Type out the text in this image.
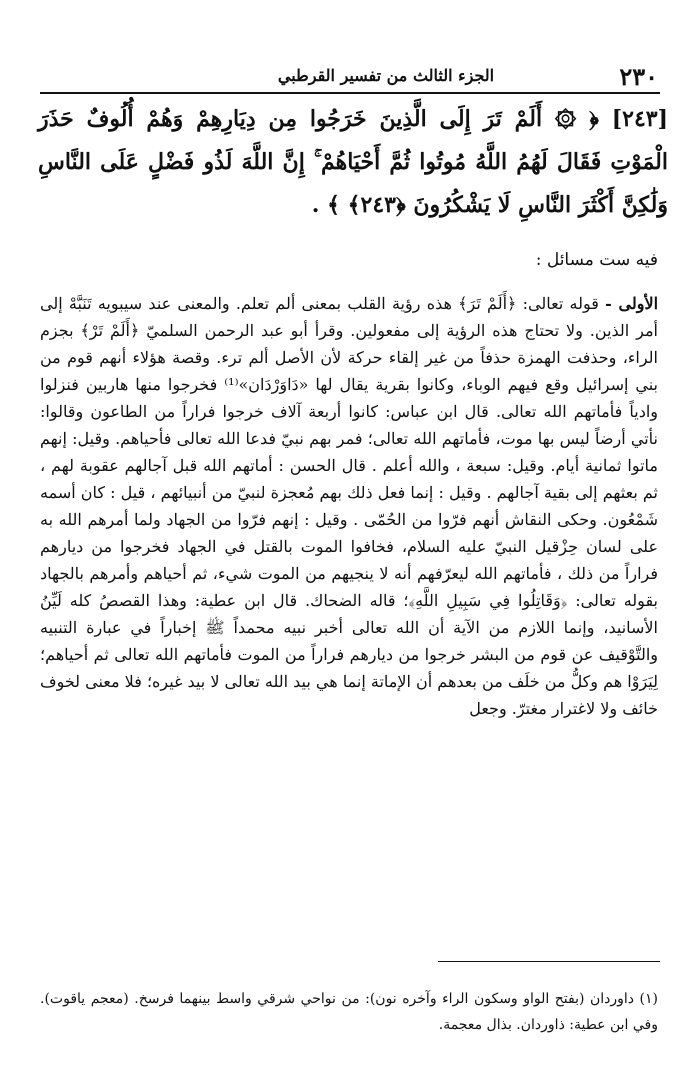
٢٣٠
الجزء الثالث من تفسير القرطبي
[٢٤٣] ﴿ ۞ أَلَمْ تَرَ إِلَى الَّذِينَ خَرَجُوا مِن دِيَارِهِمْ وَهُمْ أُلُوفٌ حَذَرَ الْمَوْتِ فَقَالَ لَهُمُ اللَّهُ مُوتُوا ثُمَّ أَحْيَاهُمْ ۚ إِنَّ اللَّهَ لَذُو فَضْلٍ عَلَى النَّاسِ وَلَٰكِنَّ أَكْثَرَ النَّاسِ لَا يَشْكُرُونَ ﴿٢٤٣﴾ ﴾ .
فيه ست مسائل :

الأولى - قوله تعالى: ﴿أَلَمْ تَرَ﴾ هذه رؤية القلب بمعنى ألم تعلم. والمعنى عند سيبويه تَنَبَّهْ إلى أمر الذين. ولا تحتاج هذه الرؤية إلى مفعولين. وقرأ أبو عبد الرحمن السلميّ ﴿أَلَمْ تَرْ﴾ بجزم الراء، وحذفت الهمزة حذفاً من غير إلقاء حركة لأن الأصل ألم ترء. وقصة هؤلاء أنهم قوم من بني إسرائيل وقع فيهم الوباء، وكانوا بقرية يقال لها «دَاوَرْدَان»⁽¹⁾ فخرجوا منها هاربين فنزلوا وادياً فأماتهم الله تعالى. قال ابن عباس: كانوا أربعة آلاف خرجوا فراراً من الطاعون وقالوا: نأتي أرضاً ليس بها موت، فأماتهم الله تعالى؛ فمر بهم نبيّ فدعا الله تعالى فأحياهم. وقيل: إنهم ماتوا ثمانية أيام. وقيل: سبعة ، والله أعلم . قال الحسن : أماتهم الله قبل آجالهم عقوبة لهم ، ثم بعثهم إلى بقية آجالهم . وقيل : إنما فعل ذلك بهم مُعجزة لنبيّ من أنبيائهم ، قيل : كان أسمه شَمْعُون. وحكى النقاش أنهم فرّوا من الحُمّى . وقيل : إنهم فرّوا من الجهاد ولما أمرهم الله به على لسان حِزْقيل النبيّ عليه السلام، فخافوا الموت بالقتل في الجهاد فخرجوا من ديارهم فراراً من ذلك ، فأماتهم الله ليعرّفهم أنه لا ينجيهم من الموت شيء، ثم أحياهم وأمرهم بالجهاد بقوله تعالى: ﴿وَقَاتِلُوا فِي سَبِيلِ اللَّهِ﴾؛ قاله الضحاك. قال ابن عطية: وهذا القصصُ كله لَيِّنُ الأسانيد، وإنما اللازم من الآية أن الله تعالى أخبر نبيه محمداً ﷺ إخباراً في عبارة التنبيه والتَّوْقيف عن قوم من البشر خرجوا من ديارهم فراراً من الموت فأماتهم الله تعالى ثم أحياهم؛ لِيَرَوْا هم وكلُّ من خلَف من بعدهم أن الإماتة إنما هي بيد الله تعالى لا بيد غيره؛ فلا معنى لخوف خائف ولا لاغترار مغترّ. وجعل

(١) داوردان (بفتح الواو وسكون الراء وآخره نون): من نواحي شرقي واسط بينهما فرسخ. (معجم ياقوت). وفي ابن عطية: ذاوردان. بذال معجمة.
